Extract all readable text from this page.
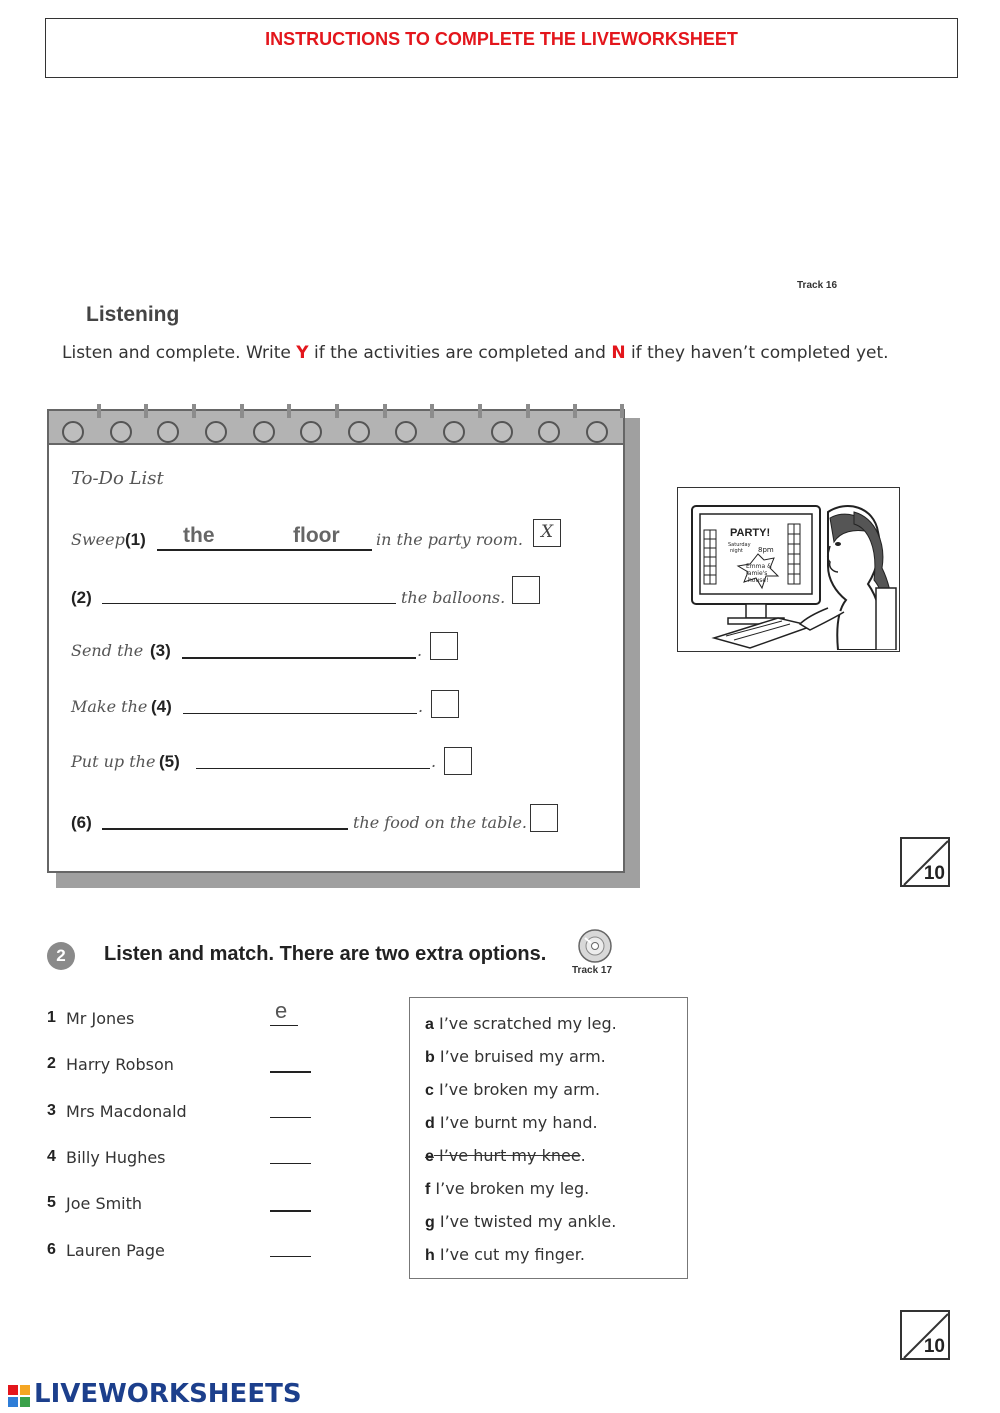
INSTRUCTIONS TO COMPLETE THE LIVEWORKSHEET
Track 16
Listening
Listen and complete. Write Y if the activities are completed and N if they haven’t completed yet.
To-Do List
Sweep (1) the	floor in the party room.	X
(2)	the balloons.
Send the (3)	.
Make the (4)	.
Put up the (5)	.
(6)	the food on the table.
PARTY!
Saturday
night 8pm
Emma &
Jamie's
house!
10
2	Listen and match. There are two extra options.
Track 17
1 Mr Jones	e
2 Harry Robson
3 Mrs Macdonald
4 Billy Hughes
5 Joe Smith
6 Lauren Page
a I’ve scratched my leg.
b I’ve bruised my arm.
c I’ve broken my arm.
d I’ve burnt my hand.
e I’ve hurt my knee.
f I’ve broken my leg.
g I’ve twisted my ankle.
h I’ve cut my finger.
10
LIVEWORKSHEETS
